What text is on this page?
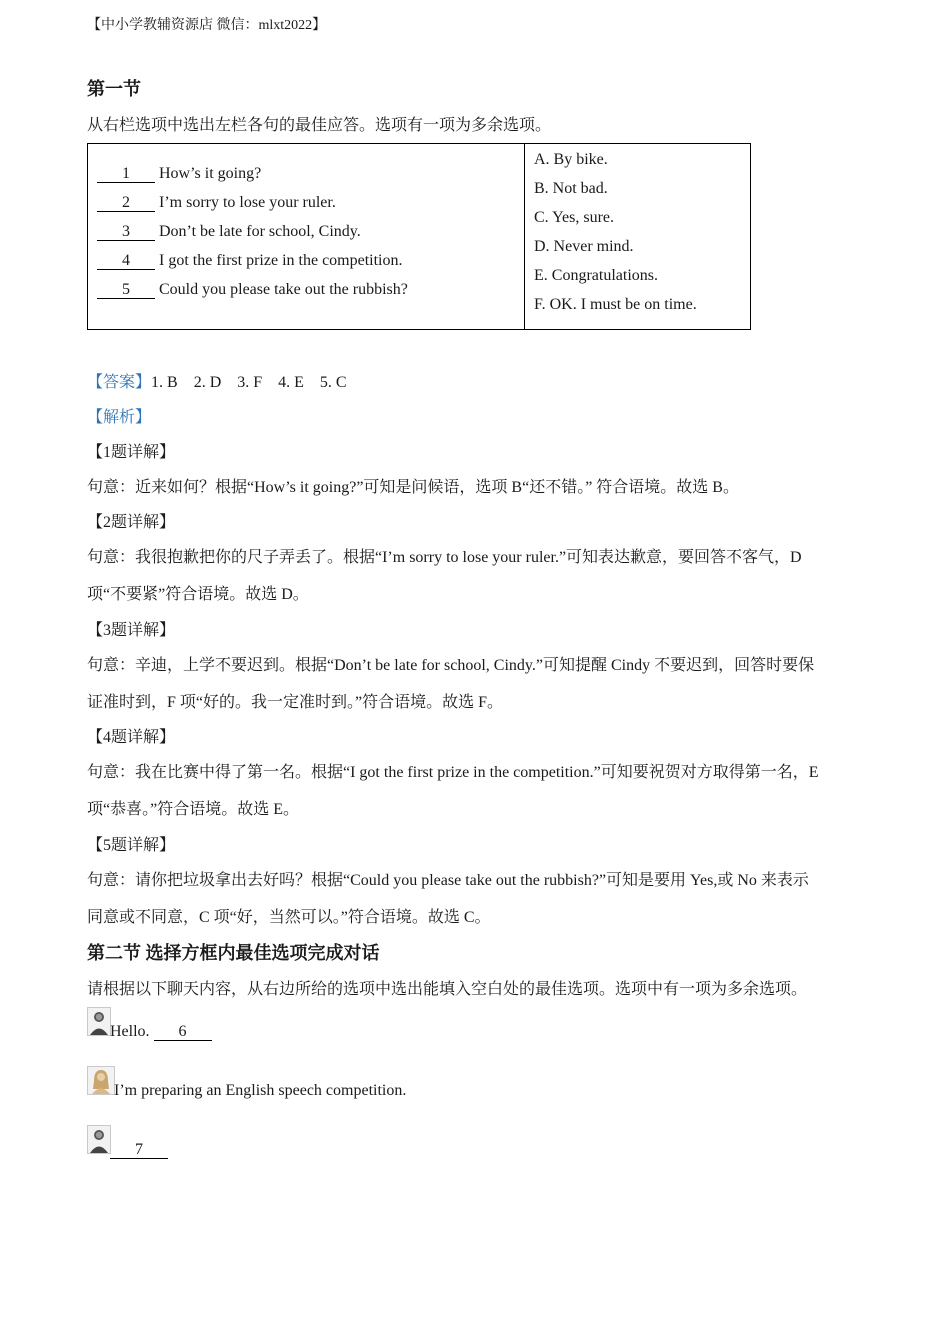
【中小学教辅资源店 微信：mlxt2022】
第一节
从右栏选项中选出左栏各句的最佳应答。选项有一项为多余选项。
1 How’s it going?
2 I’m sorry to lose your ruler.
3 Don’t be late for school, Cindy.
4 I got the first prize in the competition.
5 Could you please take out the rubbish?

A. By bike.
B. Not bad.
C. Yes, sure.
D. Never mind.
E. Congratulations.
F. OK. I must be on time.
【答案】1. B    2. D    3. F    4. E    5. C
【解析】
【1题详解】
句意：近来如何？根据“How’s it going?”可知是问候语，选项 B“还不错。” 符合语境。故选 B。
【2题详解】
句意：我很抱歉把你的尺子弄丢了。根据“I’m sorry to lose your ruler.”可知表达歉意，要回答不客气，D
项“不要紧”符合语境。故选 D。
【3题详解】
句意：辛迪，上学不要迟到。根据“Don’t be late for school, Cindy.”可知提醒 Cindy 不要迟到，回答时要保
证准时到，F 项“好的。我一定准时到。”符合语境。故选 F。
【4题详解】
句意：我在比赛中得了第一名。根据“I got the first prize in the competition.”可知要祝贺对方取得第一名，E
项“恭喜。”符合语境。故选 E。
【5题详解】
句意：请你把垃圾拿出去好吗？根据“Could you please take out the rubbish?”可知是要用 Yes,或 No 来表示
同意或不同意，C 项“好，当然可以。”符合语境。故选 C。
第二节 选择方框内最佳选项完成对话
请根据以下聊天内容，从右边所给的选项中选出能填入空白处的最佳选项。选项中有一项为多余选项。
Hello. 6
I’m preparing an English speech competition.
7
